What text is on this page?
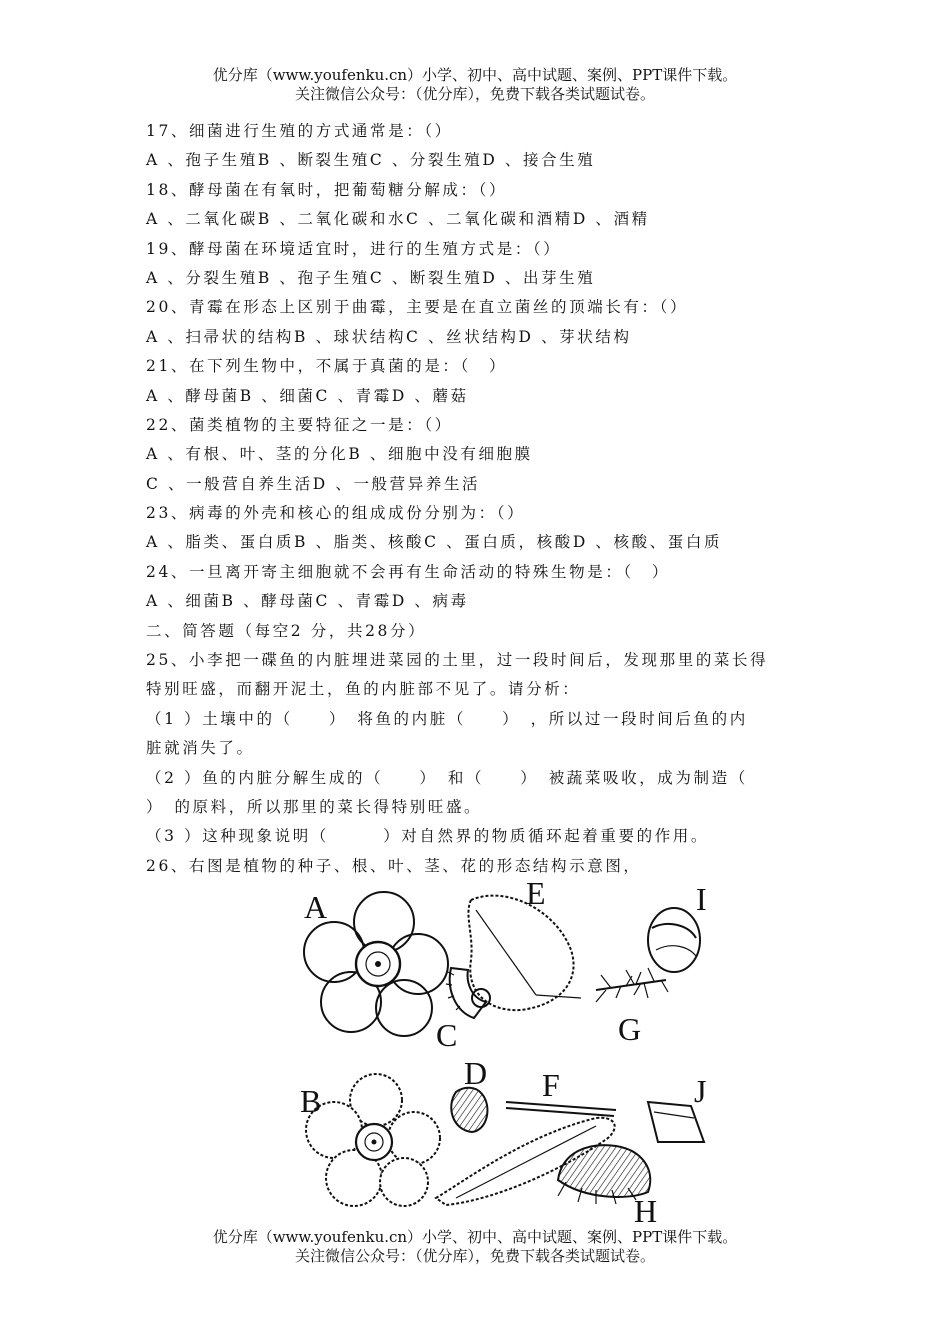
优分库（www.youfenku.cn）小学、初中、高中试题、案例、PPT课件下载。
关注微信公众号：（优分库），免费下载各类试题试卷。
17、细菌进行生殖的方式通常是：（）
A 、孢子生殖B 、断裂生殖C 、分裂生殖D 、接合生殖
18、酵母菌在有氧时，把葡萄糖分解成：（）
A 、二氧化碳B 、二氧化碳和水C 、二氧化碳和酒精D 、酒精
19、酵母菌在环境适宜时，进行的生殖方式是：（）
A 、分裂生殖B 、孢子生殖C 、断裂生殖D 、出芽生殖
20、青霉在形态上区别于曲霉，主要是在直立菌丝的顶端长有：（）
A 、扫帚状的结构B 、球状结构C 、丝状结构D 、芽状结构
21、在下列生物中，不属于真菌的是：（　）
A 、酵母菌B 、细菌C 、青霉D 、蘑菇
22、菌类植物的主要特征之一是：（）
A 、有根、叶、茎的分化B 、细胞中没有细胞膜
C 、一般营自养生活D 、一般营异养生活
23、病毒的外壳和核心的组成成份分别为：（）
A 、脂类、蛋白质B 、脂类、核酸C 、蛋白质，核酸D 、核酸、蛋白质
24、一旦离开寄主细胞就不会再有生命活动的特殊生物是：（　）
A 、细菌B 、酵母菌C 、青霉D 、病毒
二、简答题（每空2 分，共28分）
25、小李把一碟鱼的内脏埋进菜园的土里，过一段时间后，发现那里的菜长得
特别旺盛，而翻开泥土，鱼的内脏部不见了。请分析：
（1 ）土壤中的（　　）　将鱼的内脏（　　）　，所以过一段时间后鱼的内
脏就消失了。
（2 ）鱼的内脏分解生成的（　　）　和（　　）　被蔬菜吸收，成为制造（
）　的原料，所以那里的菜长得特别旺盛。
（3 ）这种现象说明（　　　）对自然界的物质循环起着重要的作用。
26、右图是植物的种子、根、叶、茎、花的形态结构示意图，
A	E	I
C	G
B
D F	J
H
优分库（www.youfenku.cn）小学、初中、高中试题、案例、PPT课件下载。
关注微信公众号：（优分库），免费下载各类试题试卷。
